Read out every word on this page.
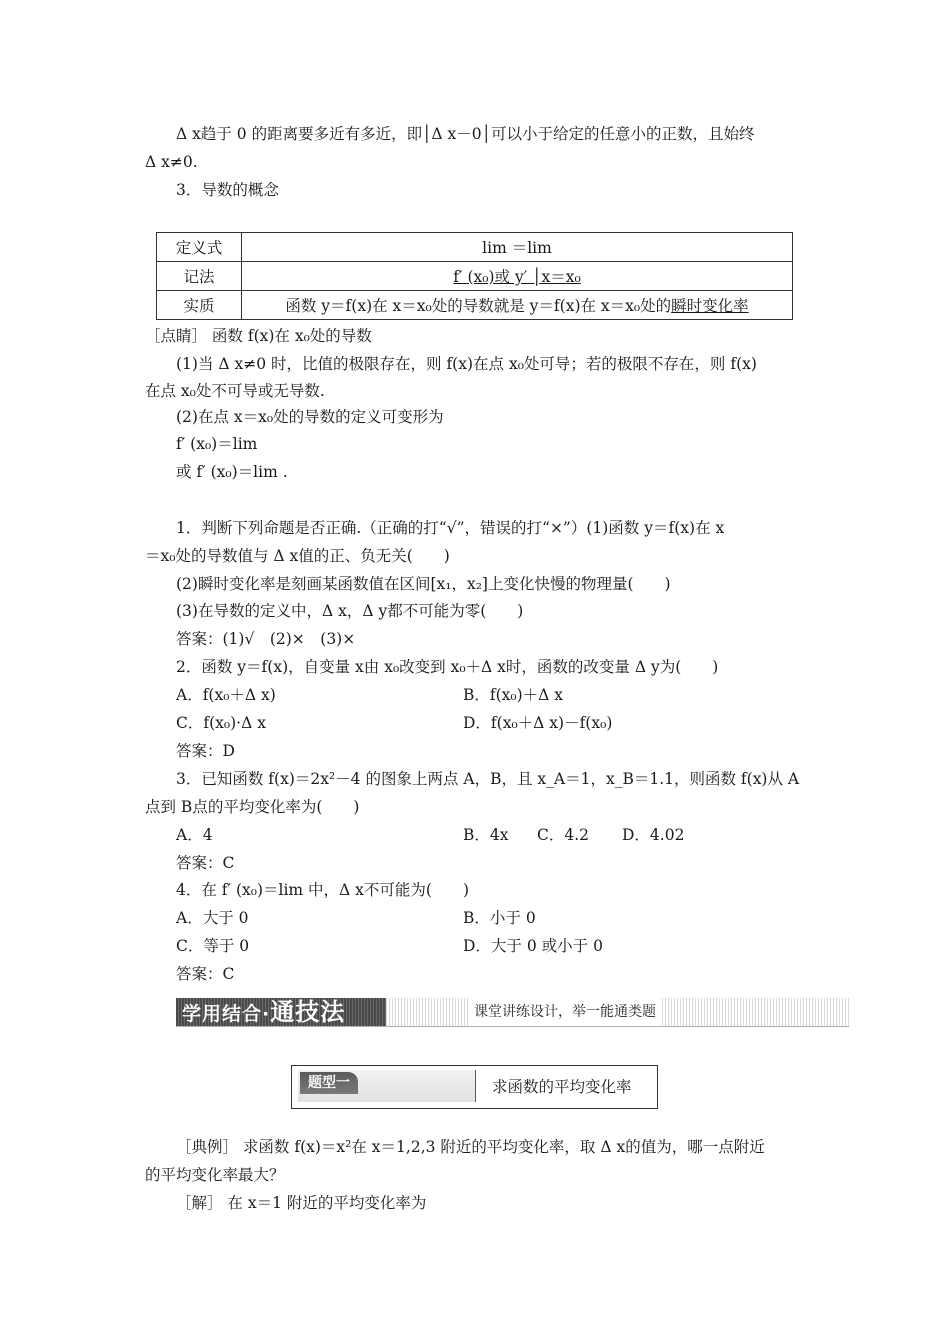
Δ x趋于 0 的距离要多近有多近，即│Δ x－0│可以小于给定的任意小的正数，且始终
Δ x≠0.
3．导数的概念
定义式	lim ＝lim
记法	f′ (x₀)或 y′ │x＝x₀
实质	函数 y＝f(x)在 x＝x₀处的导数就是 y＝f(x)在 x＝x₀处的瞬时变化率
［点睛］ 函数 f(x)在 x₀处的导数
(1)当 Δ x≠0 时，比值的极限存在，则 f(x)在点 x₀处可导；若的极限不存在，则 f(x)
在点 x₀处不可导或无导数.
(2)在点 x＝x₀处的导数的定义可变形为
f′ (x₀)＝lim
或 f′ (x₀)＝lim .
1．判断下列命题是否正确.（正确的打“√”，错误的打“×”）(1)函数 y＝f(x)在 x
＝x₀处的导数值与 Δ x值的正、负无关(　　)
(2)瞬时变化率是刻画某函数值在区间[x₁，x₂]上变化快慢的物理量(　　)
(3)在导数的定义中，Δ x，Δ y都不可能为零(　　)
答案：(1)√　(2)×　(3)×
2．函数 y＝f(x)，自变量 x由 x₀改变到 x₀＋Δ x时，函数的改变量 Δ y为(　　)
A．f(x₀＋Δ x)	B．f(x₀)＋Δ x
C．f(x₀)·Δ x	D．f(x₀＋Δ x)－f(x₀)
答案：D
3．已知函数 f(x)＝2x²－4 的图象上两点 A，B，且 x_A＝1，x_B＝1.1，则函数 f(x)从 A
点到 B点的平均变化率为(　　)
A．4	B．4x C．4.2 D．4.02
答案：C
4．在 f′ (x₀)＝lim 中，Δ x不可能为(　　)
A．大于 0	B．小于 0
C．等于 0	D．大于 0 或小于 0
答案：C
学用结合·通技法	课堂讲练设计，举一能通类题
题型一	求函数的平均变化率
［典例］ 求函数 f(x)＝x²在 x＝1,2,3 附近的平均变化率，取 Δ x的值为，哪一点附近
的平均变化率最大？
［解］ 在 x＝1 附近的平均变化率为
